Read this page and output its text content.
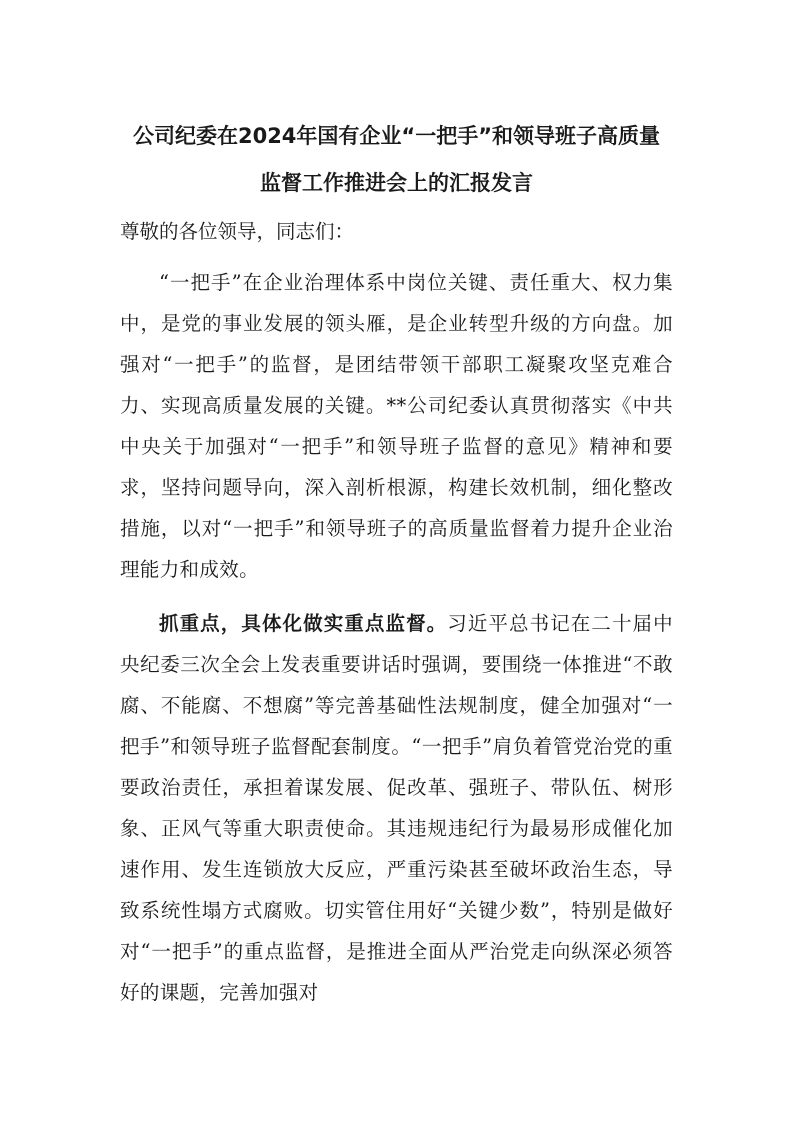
公司纪委在2024年国有企业“一把手”和领导班子高质量
监督工作推进会上的汇报发言

尊敬的各位领导，同志们：

“一把手”在企业治理体系中岗位关键、责任重大、权力集中，是党的事业发展的领头雁，是企业转型升级的方向盘。加强对“一把手”的监督，是团结带领干部职工凝聚攻坚克难合力、实现高质量发展的关键。**公司纪委认真贯彻落实《中共中央关于加强对“一把手”和领导班子监督的意见》精神和要求，坚持问题导向，深入剖析根源，构建长效机制，细化整改措施，以对“一把手”和领导班子的高质量监督着力提升企业治理能力和成效。

抓重点，具体化做实重点监督。习近平总书记在二十届中央纪委三次全会上发表重要讲话时强调，要围绕一体推进“不敢腐、不能腐、不想腐”等完善基础性法规制度，健全加强对“一把手”和领导班子监督配套制度。“一把手”肩负着管党治党的重要政治责任，承担着谋发展、促改革、强班子、带队伍、树形象、正风气等重大职责使命。其违规违纪行为最易形成催化加速作用、发生连锁放大反应，严重污染甚至破坏政治生态，导致系统性塌方式腐败。切实管住用好“关键少数”，特别是做好对“一把手”的重点监督，是推进全面从严治党走向纵深必须答好的课题，完善加强对
